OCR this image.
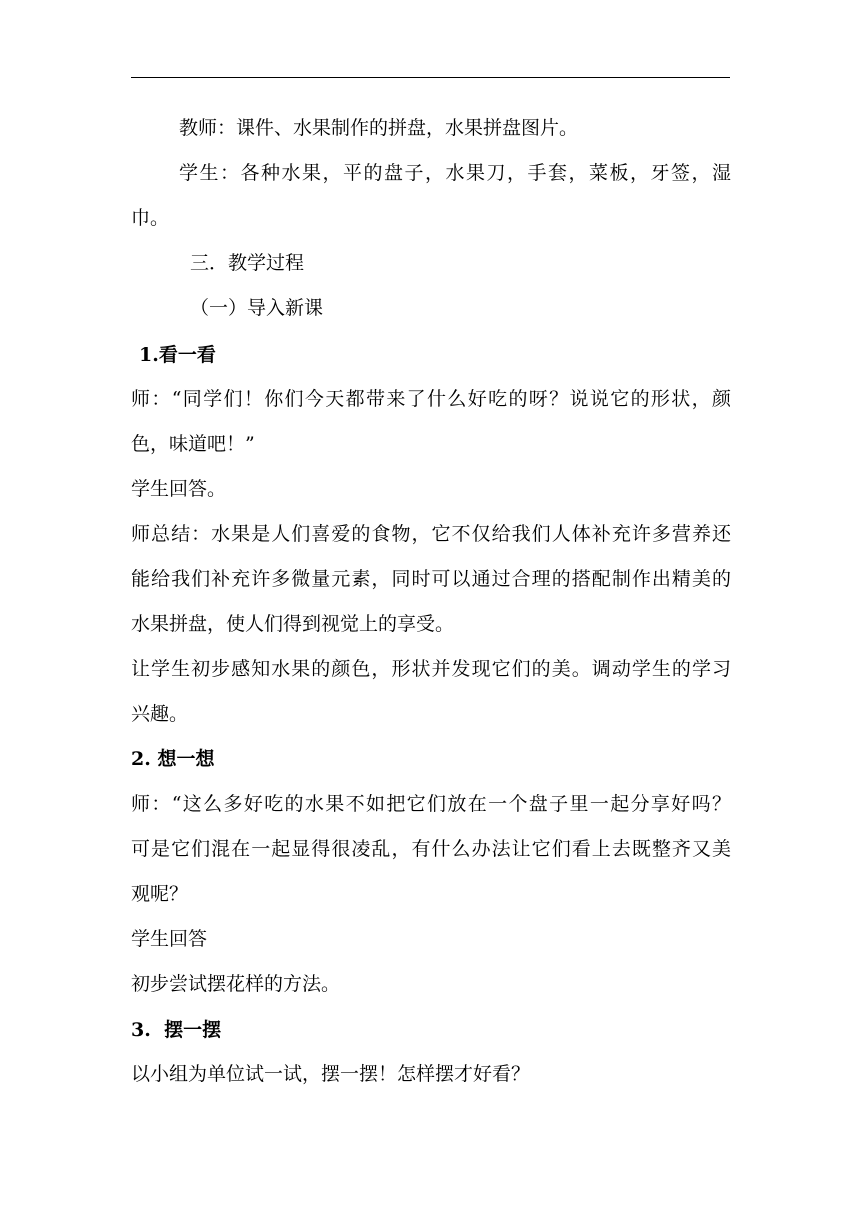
教师：课件、水果制作的拼盘，水果拼盘图片。
学生：各种水果，平的盘子，水果刀，手套，菜板，牙签，湿
巾。
三．教学过程
（一）导入新课
1.看一看
师：“同学们！你们今天都带来了什么好吃的呀？说说它的形状，颜
色，味道吧！”
学生回答。
师总结：水果是人们喜爱的食物，它不仅给我们人体补充许多营养还
能给我们补充许多微量元素，同时可以通过合理的搭配制作出精美的
水果拼盘，使人们得到视觉上的享受。
让学生初步感知水果的颜色，形状并发现它们的美。调动学生的学习
兴趣。
2. 想一想
师：“这么多好吃的水果不如把它们放在一个盘子里一起分享好吗？
可是它们混在一起显得很凌乱，有什么办法让它们看上去既整齐又美
观呢？
学生回答
初步尝试摆花样的方法。
3.  摆一摆
以小组为单位试一试，摆一摆！怎样摆才好看？
